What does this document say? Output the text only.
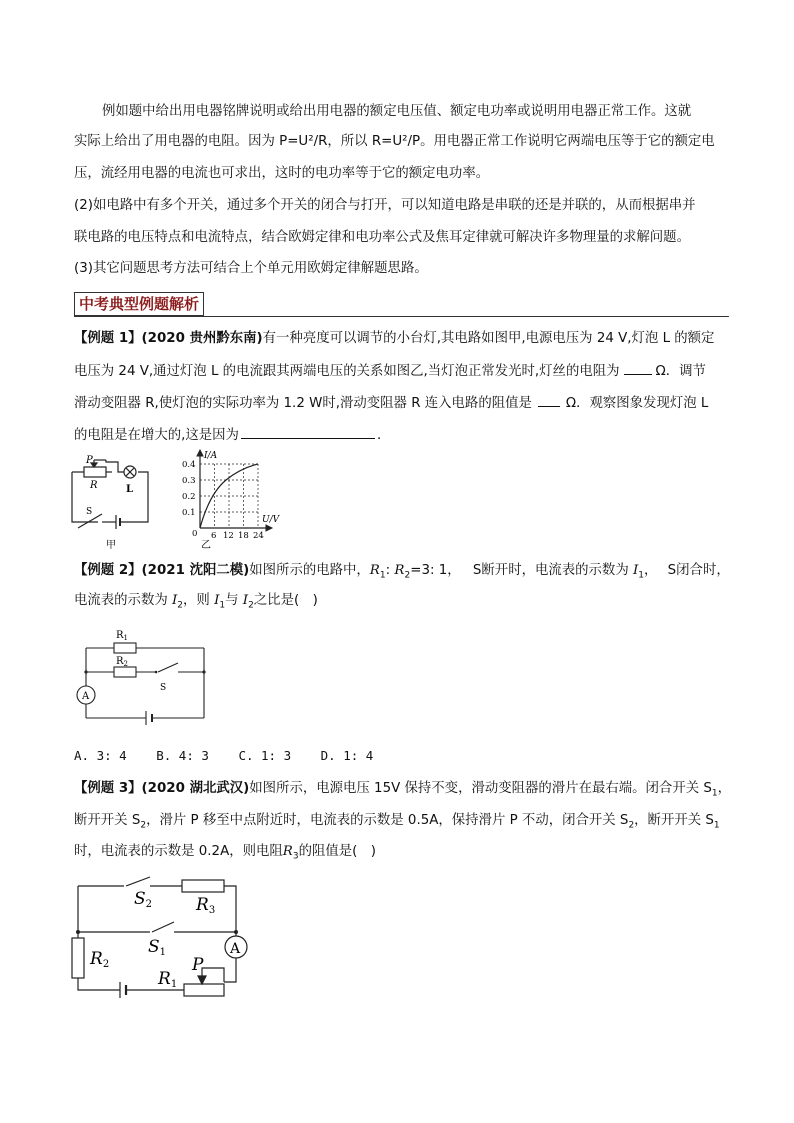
例如题中给出用电器铭牌说明或给出用电器的额定电压值、额定电功率或说明用电器正常工作。这就
实际上给出了用电器的电阻。因为 P=U²/R，所以 R=U²/P。用电器正常工作说明它两端电压等于它的额定电
压，流经用电器的电流也可求出，这时的电功率等于它的额定电功率。
(2)如电路中有多个开关，通过多个开关的闭合与打开，可以知道电路是串联的还是并联的，从而根据串并
联电路的电压特点和电流特点，结合欧姆定律和电功率公式及焦耳定律就可解决许多物理量的求解问题。
(3)其它问题思考方法可结合上个单元用欧姆定律解题思路。
中考典型例题解析
【例题 1】(2020 贵州黔东南)有一种亮度可以调节的小台灯,其电路如图甲,电源电压为 24 V,灯泡 L 的额定
电压为 24 V,通过灯泡 L 的电流跟其两端电压的关系如图乙,当灯泡正常发光时,灯丝的电阻为	Ω．调节
滑动变阻器 R,使灯泡的实际功率为 1.2 W时,滑动变阻器 R 连入电路的阻值是	Ω．观察图象发现灯泡 L
的电阻是在增大的,这是因为	．
P
R	L
S
甲
I/A
U/V
0.4
0.3
0.2
0.1
0 6 12 18 24
乙
【例题 2】(2021 沈阳二模)如图所示的电路中，$R_1$: $R_2=3$: 1， S断开时，电流表的示数为 $I_1$， S闭合时，
电流表的示数为 $I_2$，则 $I_1$与 $I_2$之比是(　)
$R_1$
$R_2$
A
S
A. 3: 4 B. 4: 3 C. 1: 3 D. 1: 4
【例题 3】(2020 湖北武汉)如图所示，电源电压 15V 保持不变，滑动变阻器的滑片在最右端。闭合开关 $S_1$，
断开开关 $S_2$，滑片 P 移至中点附近时，电流表的示数是 0.5A，保持滑片 P 不动，闭合开关 $S_2$，断开开关 $S_1$
时，电流表的示数是 0.2A，则电阻$R_3$的阻值是(　)
S2	R3
S1	A
R2
R1
P
